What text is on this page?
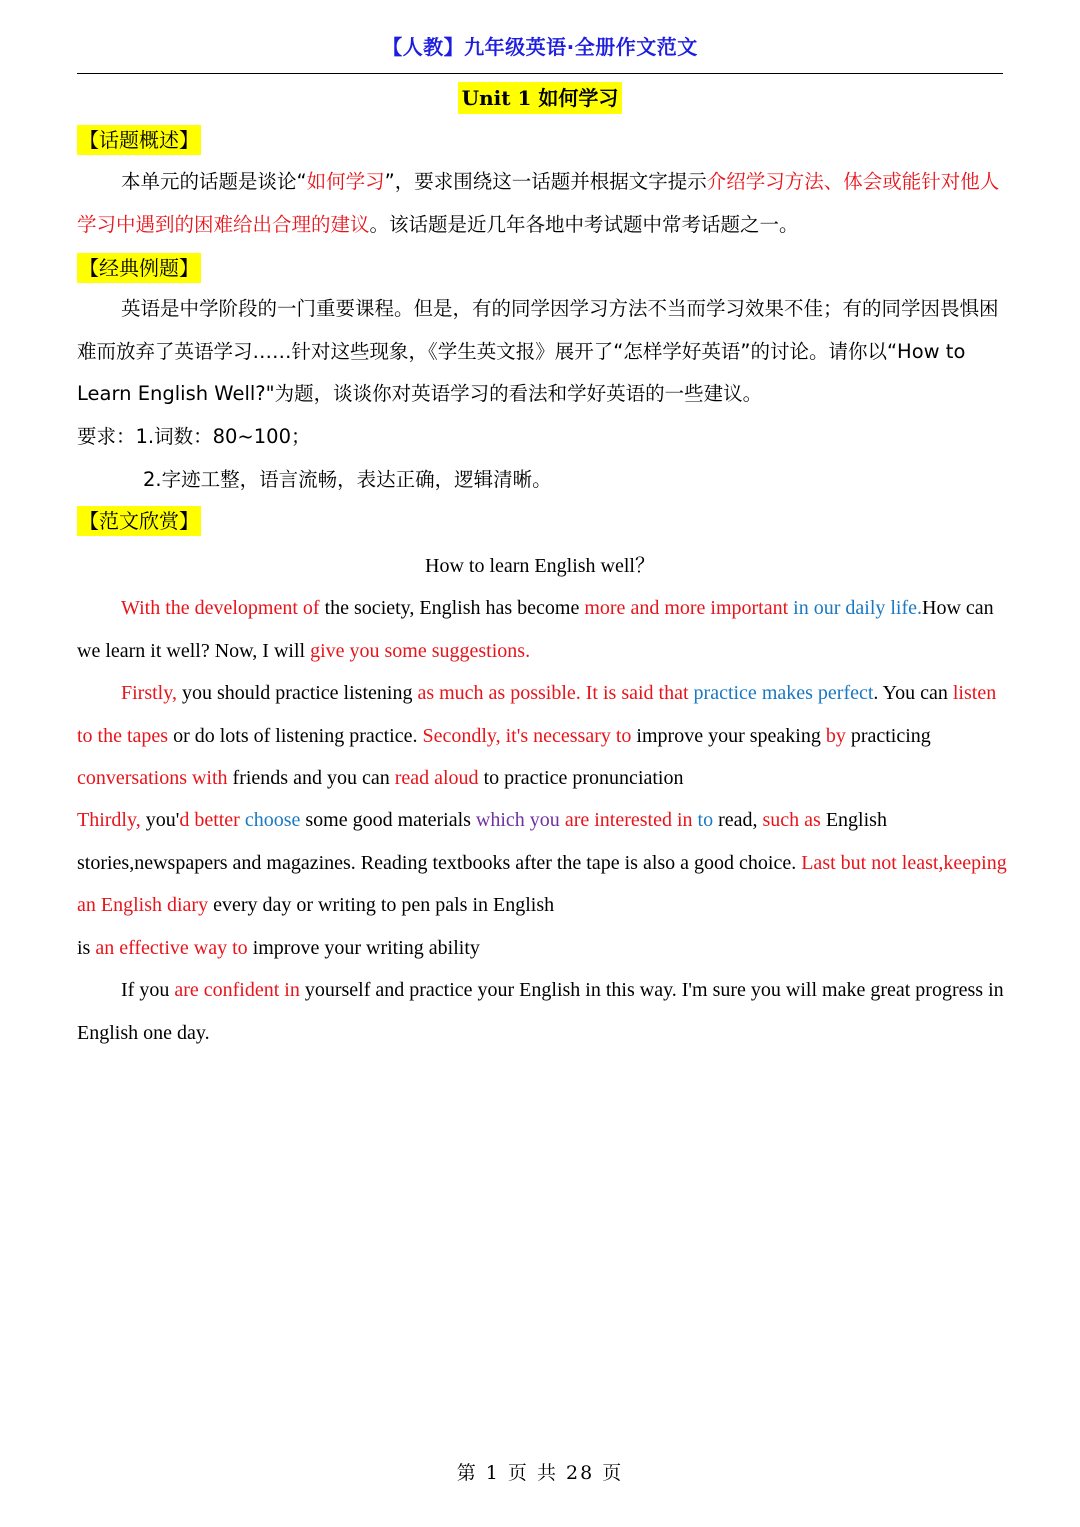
【人教】九年级英语·全册作文范文
Unit 1 如何学习
【话题概述】
本单元的话题是谈论“如何学习”，要求围绕这一话题并根据文字提示介绍学习方法、体会或能针对他人学习中遇到的困难给出合理的建议。该话题是近几年各地中考试题中常考话题之一。
【经典例题】
英语是中学阶段的一门重要课程。但是，有的同学因学习方法不当而学习效果不佳；有的同学因畏惧困难而放弃了英语学习……针对这些现象，《学生英文报》展开了“怎样学好英语”的讨论。请你以“How to Learn English Well?"为题，谈谈你对英语学习的看法和学好英语的一些建议。
要求：1.词数：80~100；
2.字迹工整，语言流畅，表达正确，逻辑清晰。
【范文欣赏】
How to learn English well？
With the development of the society, English has become more and more important in our daily life.How can we learn it well? Now, I will give you some suggestions.
Firstly, you should practice listening as much as possible. It is said that practice makes perfect. You can listen to the tapes or do lots of listening practice. Secondly, it's necessary to improve your speaking by practicing conversations with friends and you can read aloud to practice pronunciation
Thirdly, you'd better choose some good materials which you are interested in to read, such as English stories,newspapers and magazines. Reading textbooks after the tape is also a good choice. Last but not least,keeping an English diary every day or writing to pen pals in English
is an effective way to improve your writing ability
If you are confident in yourself and practice your English in this way. I'm sure you will make great progress in English one day.
第 1 页 共 28 页
